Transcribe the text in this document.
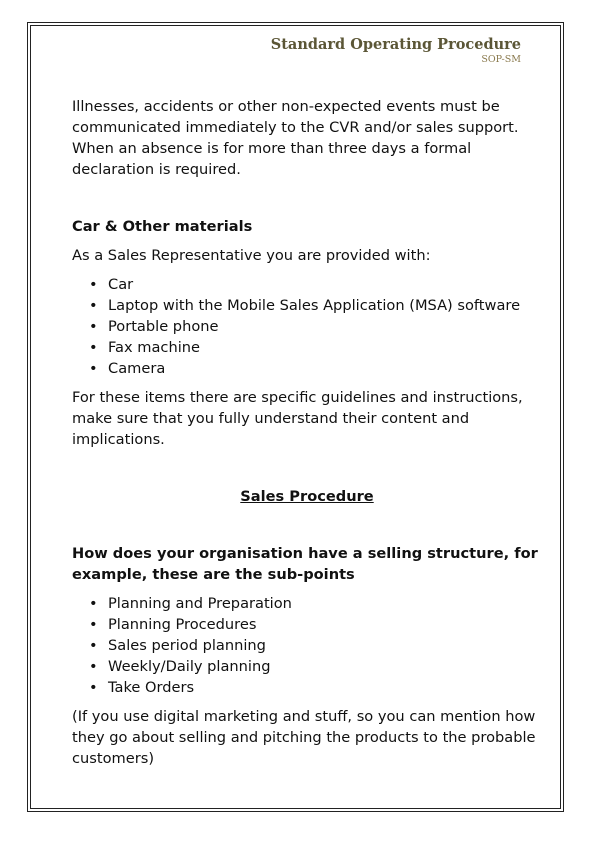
Standard Operating Procedure
SOP-SM

Illnesses, accidents or other non-expected events must be communicated immediately to the CVR and/or sales support. When an absence is for more than three days a formal declaration is required.

Car & Other materials

As a Sales Representative you are provided with:

• Car
• Laptop with the Mobile Sales Application (MSA) software
• Portable phone
• Fax machine
• Camera

For these items there are specific guidelines and instructions, make sure that you fully understand their content and implications.

Sales Procedure

How does your organisation have a selling structure, for example, these are the sub-points

• Planning and Preparation
• Planning Procedures
• Sales period planning
• Weekly/Daily planning
• Take Orders

(If you use digital marketing and stuff, so you can mention how they go about selling and pitching the products to the probable customers)
